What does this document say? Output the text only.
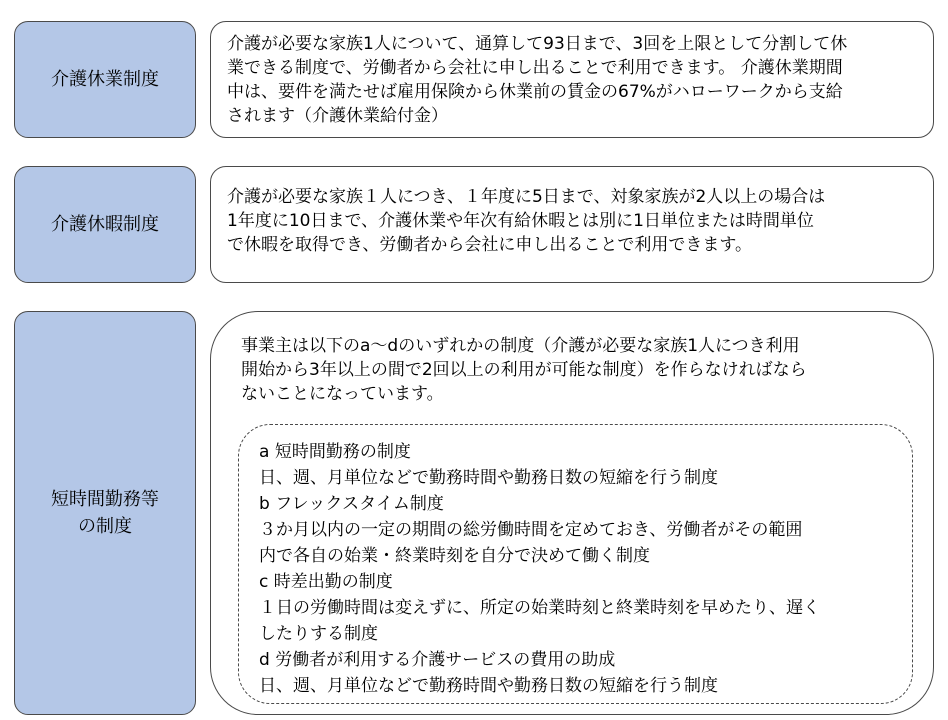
介護休業制度
介護が必要な家族1人について、通算して93日まで、3回を上限として分割して休
業できる制度で、労働者から会社に申し出ることで利用できます。 介護休業期間
中は、要件を満たせば雇用保険から休業前の賃金の67%がハローワークから支給
されます（介護休業給付金）
介護休暇制度
介護が必要な家族１人につき、１年度に5日まで、対象家族が2人以上の場合は
1年度に10日まで、介護休業や年次有給休暇とは別に1日単位または時間単位
で休暇を取得でき、労働者から会社に申し出ることで利用できます。
短時間勤務等
の制度
事業主は以下のa～dのいずれかの制度（介護が必要な家族1人につき利用
開始から3年以上の間で2回以上の利用が可能な制度）を作らなければなら
ないことになっています。
a 短時間勤務の制度
日、週、月単位などで勤務時間や勤務日数の短縮を行う制度
b フレックスタイム制度
３か月以内の一定の期間の総労働時間を定めておき、労働者がその範囲
内で各自の始業・終業時刻を自分で決めて働く制度
c 時差出勤の制度
１日の労働時間は変えずに、所定の始業時刻と終業時刻を早めたり、遅く
したりする制度
d 労働者が利用する介護サービスの費用の助成
日、週、月単位などで勤務時間や勤務日数の短縮を行う制度
